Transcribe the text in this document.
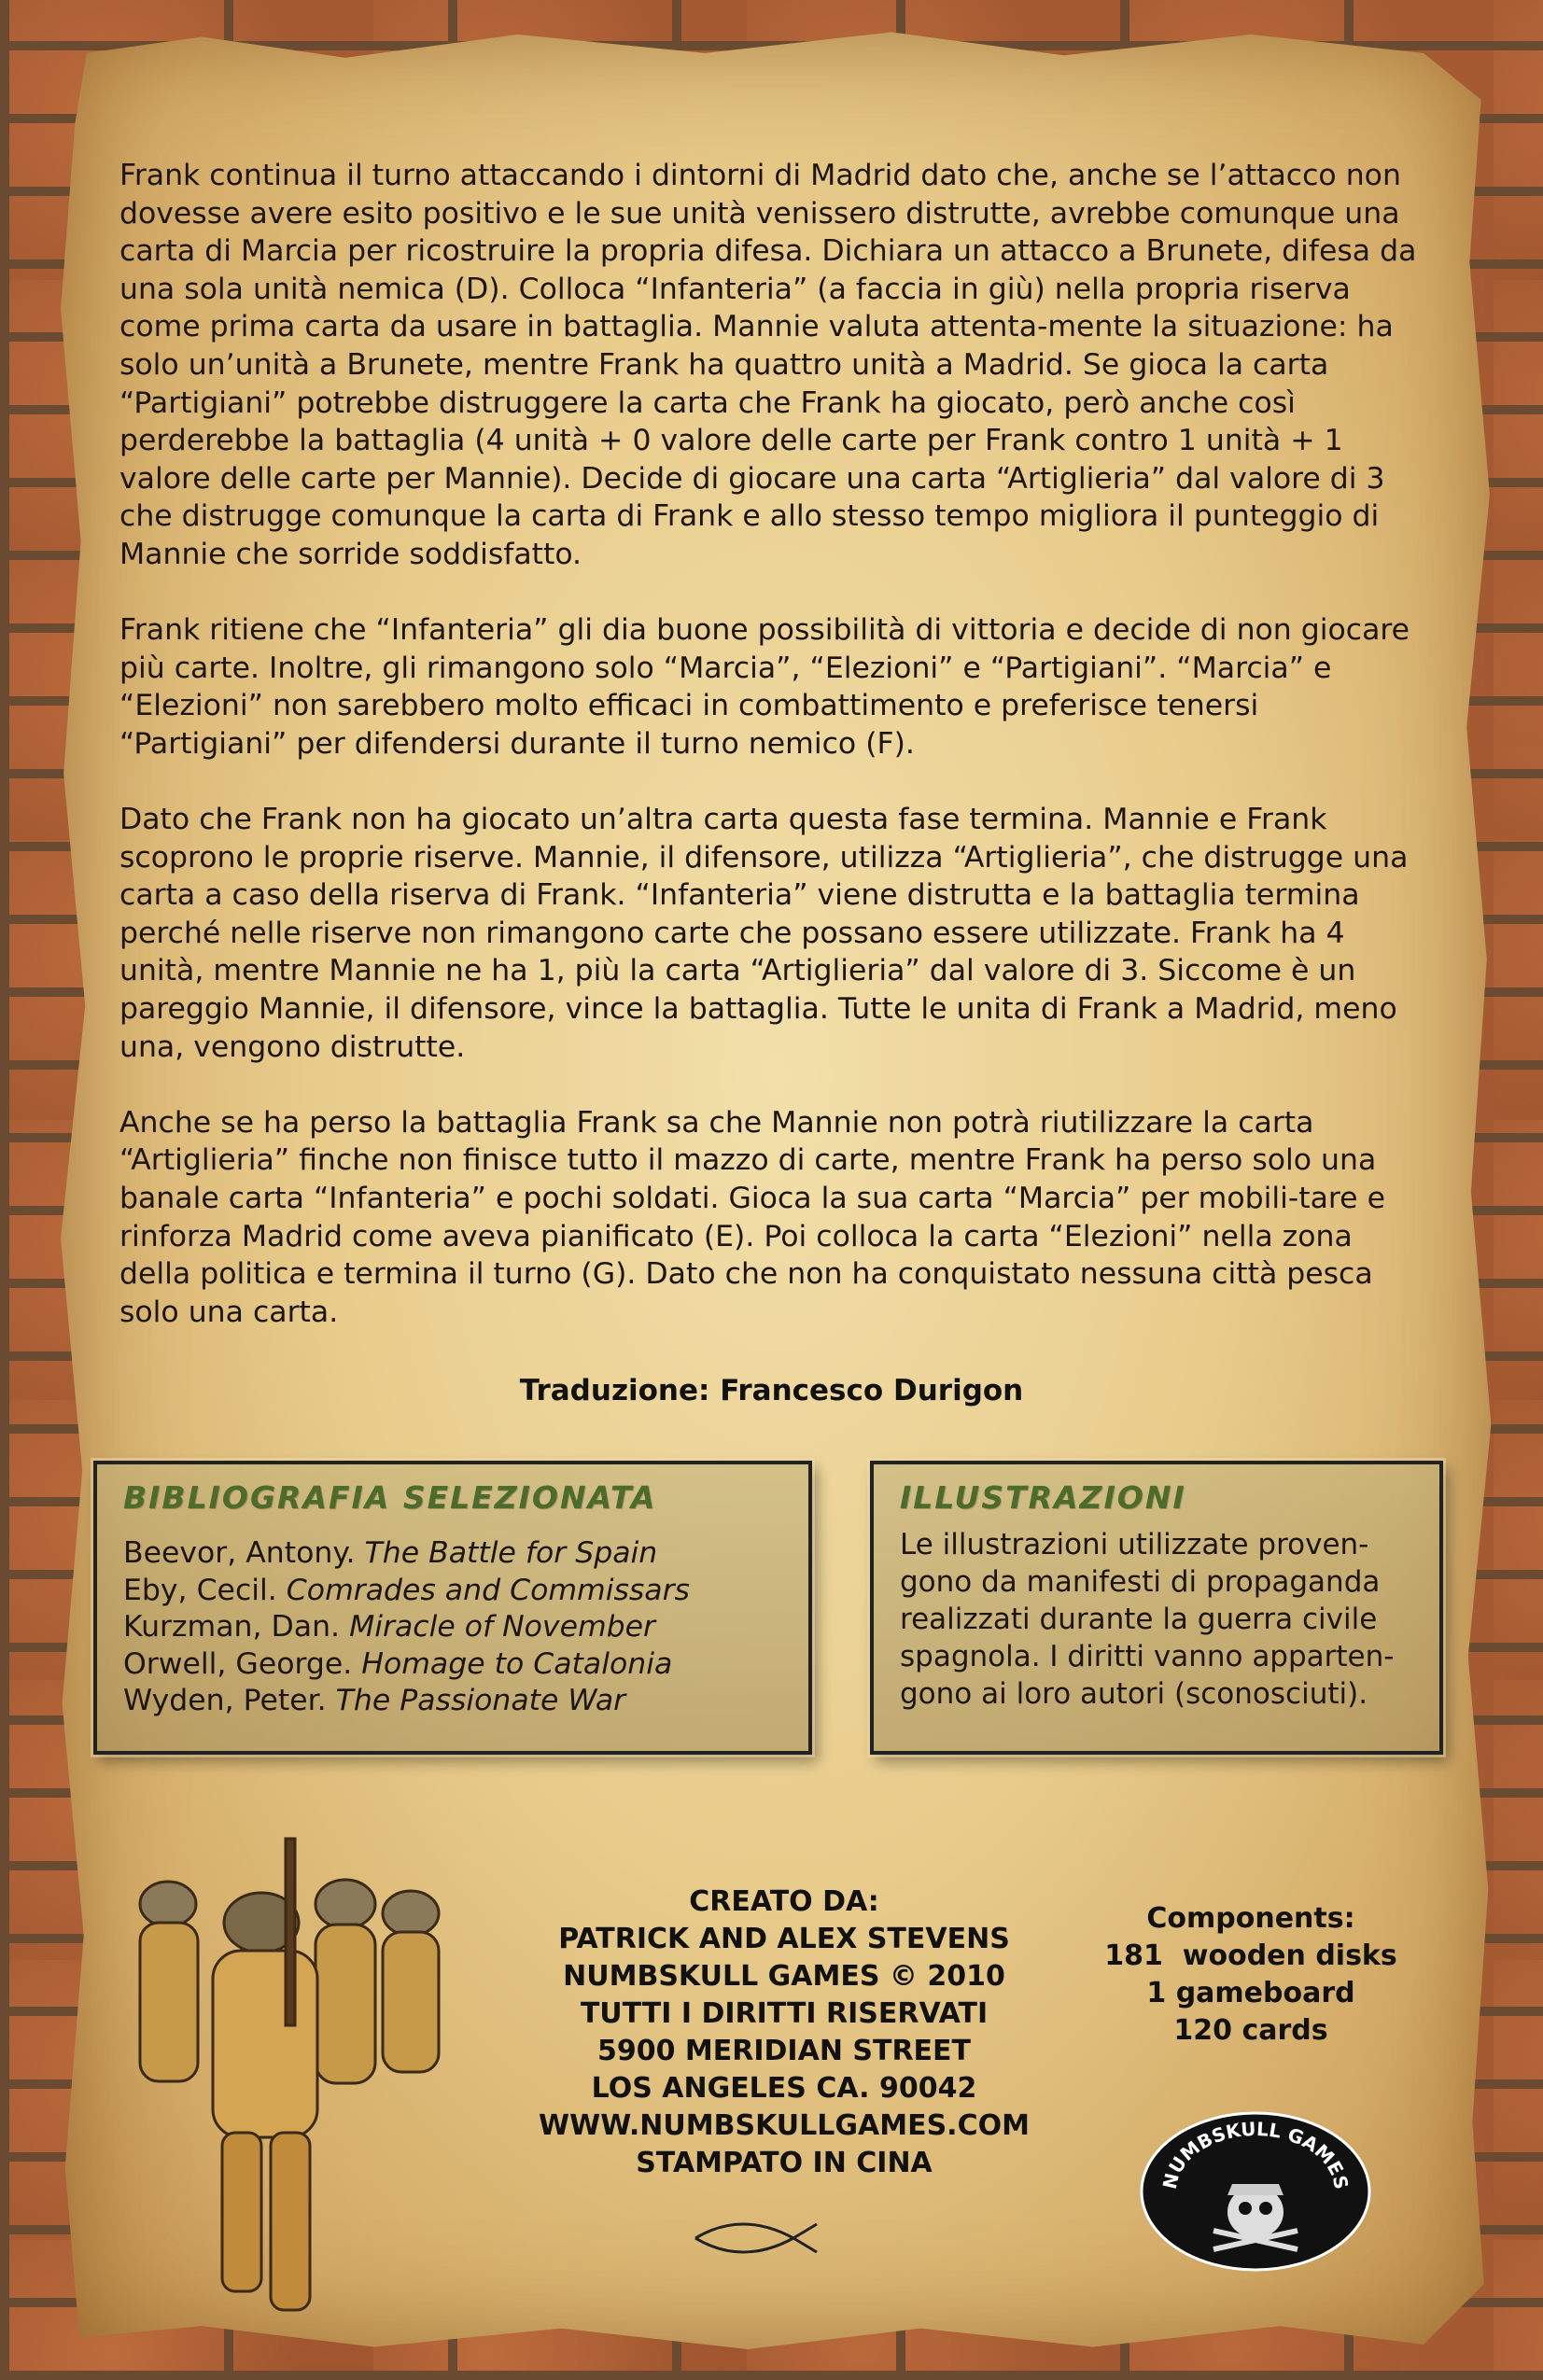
Frank continua il turno attaccando i dintorni di Madrid dato che, anche se l’attacco non dovesse avere esito positivo e le sue unità venissero distrutte, avrebbe comunque una carta di Marcia per ricostruire la propria difesa. Dichiara un attacco a Brunete, difesa da una sola unità nemica (D). Colloca “Infanteria” (a faccia in giù) nella propria riserva come prima carta da usare in battaglia. Mannie valuta attenta-mente la situazione: ha solo un’unità a Brunete, mentre Frank ha quattro unità a Madrid. Se gioca la carta “Partigiani” potrebbe distruggere la carta che Frank ha giocato, però anche così perderebbe la battaglia (4 unità + 0 valore delle carte per Frank contro 1 unità + 1 valore delle carte per Mannie). Decide di giocare una carta “Artiglieria” dal valore di 3 che distrugge comunque la carta di Frank e allo stesso tempo migliora il punteggio di Mannie che sorride soddisfatto.

Frank ritiene che “Infanteria” gli dia buone possibilità di vittoria e decide di non giocare più carte. Inoltre, gli rimangono solo “Marcia”, “Elezioni” e “Partigiani”. “Marcia” e “Elezioni” non sarebbero molto efficaci in combattimento e preferisce tenersi “Partigiani” per difendersi durante il turno nemico (F).

Dato che Frank non ha giocato un’altra carta questa fase termina. Mannie e Frank scoprono le proprie riserve. Mannie, il difensore, utilizza “Artiglieria”, che distrugge una carta a caso della riserva di Frank. “Infanteria” viene distrutta e la battaglia termina perché nelle riserve non rimangono carte che possano essere utilizzate. Frank ha 4 unità, mentre Mannie ne ha 1, più la carta “Artiglieria” dal valore di 3. Siccome è un pareggio Mannie, il difensore, vince la battaglia. Tutte le unita di Frank a Madrid, meno una, vengono distrutte.

Anche se ha perso la battaglia Frank sa che Mannie non potrà riutilizzare la carta “Artiglieria” finche non finisce tutto il mazzo di carte, mentre Frank ha perso solo una banale carta “Infanteria” e pochi soldati. Gioca la sua carta “Marcia” per mobili-tare e rinforza Madrid come aveva pianificato (E). Poi colloca la carta “Elezioni” nella zona della politica e termina il turno (G). Dato che non ha conquistato nessuna città pesca solo una carta.

Traduzione: Francesco Durigon
BIBLIOGRAFIA SELEZIONATA
Beevor, Antony. The Battle for Spain
Eby, Cecil. Comrades and Commissars
Kurzman, Dan. Miracle of November
Orwell, George. Homage to Catalonia
Wyden, Peter. The Passionate War
ILLUSTRAZIONI
Le illustrazioni utilizzate proven-gono da manifesti di propaganda realizzati durante la guerra civile spagnola. I diritti vanno apparten-gono ai loro autori (sconosciuti).
CREATO DA:
PATRICK AND ALEX STEVENS
NUMBSKULL GAMES © 2010
TUTTI I DIRITTI RISERVATI
5900 MERIDIAN STREET
LOS ANGELES CA. 90042
WWW.NUMBSKULLGAMES.COM
STAMPATO IN CINA
Components:
181  wooden disks
1 gameboard
120 cards
NUMBSKULL GAMES
